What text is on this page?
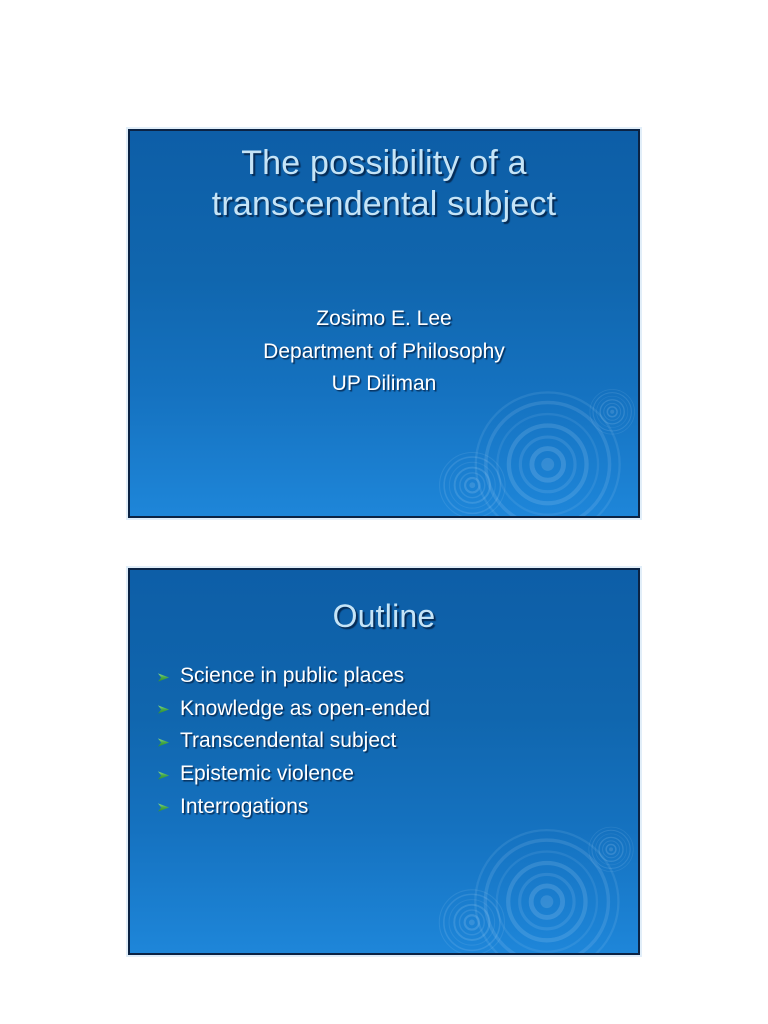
The possibility of a transcendental subject
Zosimo E. Lee
Department of Philosophy
UP Diliman
Outline
Science in public places
Knowledge as open-ended
Transcendental subject
Epistemic violence
Interrogations
